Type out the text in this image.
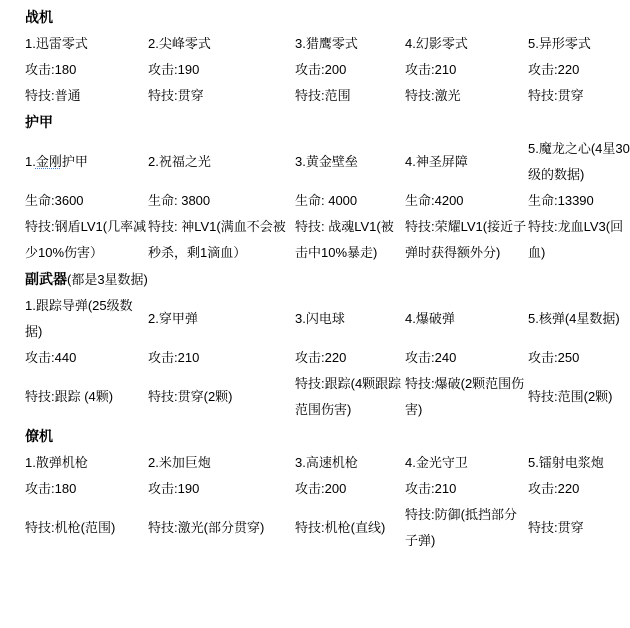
战机				
1.迅雷零式	2.尖峰零式	3.猎鹰零式	4.幻影零式	5.异形零式
攻击:180	攻击:190	攻击:200	攻击:210	攻击:220
特技:普通	特技:贯穿	特技:范围	特技:激光	特技:贯穿
护甲				
1.金刚护甲	2.祝福之光	3.黄金壁垒	4.神圣屏障	5.魔龙之心(4星30级的数据)
生命:3600	生命: 3800	生命: 4000	生命:4200	生命:13390
特技:钢盾LV1(几率减少10%伤害）	特技: 神LV1(满血不会被秒杀，剩1滴血）	特技: 战魂LV1(被击中10%暴走)	特技:荣耀LV1(接近子弹时获得额外分)	特技:龙血LV3(回血)
副武器(都是3星数据)				
1.跟踪导弹(25级数据)	2.穿甲弹	3.闪电球	4.爆破弹	5.核弹(4星数据)
攻击:440	攻击:210	攻击:220	攻击:240	攻击:250
特技:跟踪 (4颗)	特技:贯穿(2颗)	特技:跟踪(4颗跟踪范围伤害)	特技:爆破(2颗范围伤害)	特技:范围(2颗)
僚机				
1.散弹机枪	2.米加巨炮	3.高速机枪	4.金光守卫	5.镭射电浆炮
攻击:180	攻击:190	攻击:200	攻击:210	攻击:220
特技:机枪(范围)	特技:激光(部分贯穿)	特技:机枪(直线)	特技:防御(抵挡部分子弹)	特技:贯穿
